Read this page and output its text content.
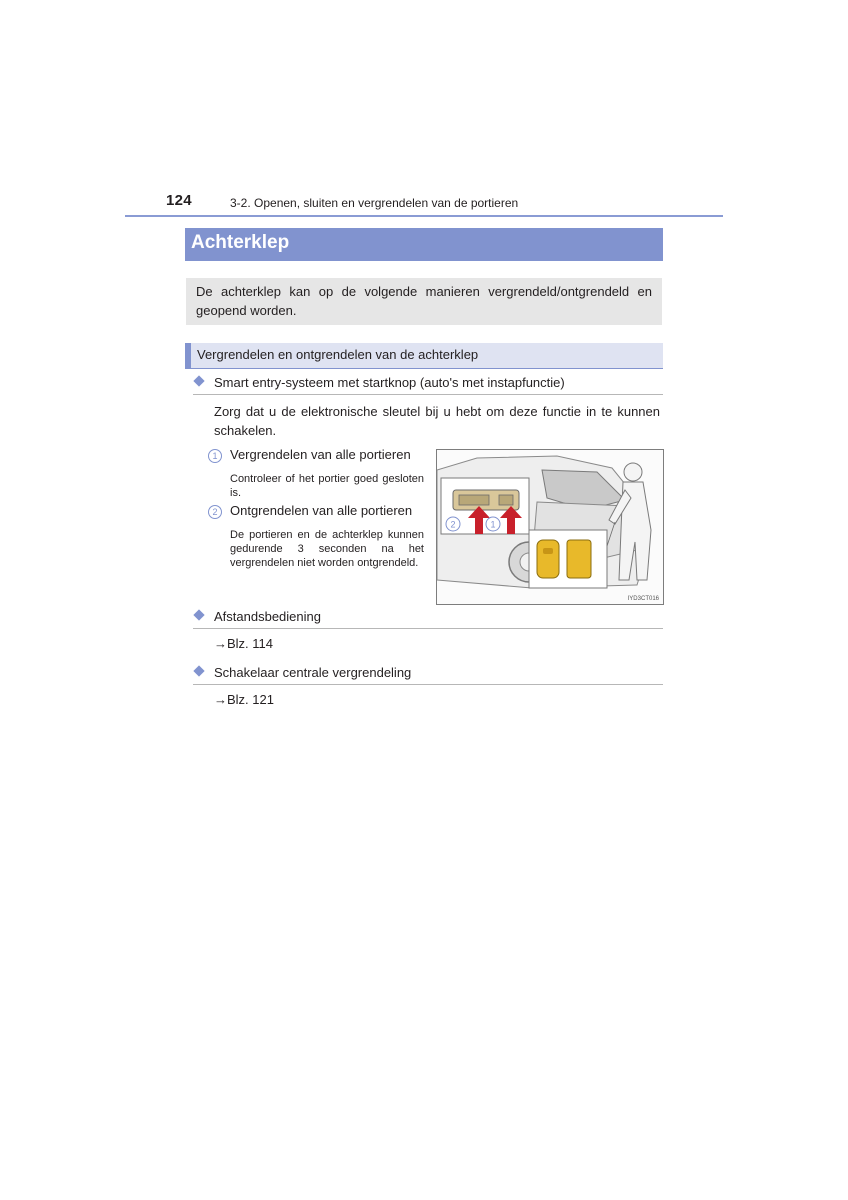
124	3-2. Openen, sluiten en vergrendelen van de portieren
Achterklep
De achterklep kan op de volgende manieren vergrendeld/ontgrendeld en geopend worden.
Vergrendelen en ontgrendelen van de achterklep
Smart entry-systeem met startknop (auto's met instapfunctie)
Zorg dat u de elektronische sleutel bij u hebt om deze functie in te kunnen schakelen.
1 Vergrendelen van alle portieren
Controleer of het portier goed gesloten is.
2 Ontgrendelen van alle portieren
De portieren en de achterklep kunnen gedurende 3 seconden na het vergrendelen niet worden ontgrendeld.
2	1
IYD3CT016
Afstandsbediening
→Blz. 114
Schakelaar centrale vergrendeling
→Blz. 121
